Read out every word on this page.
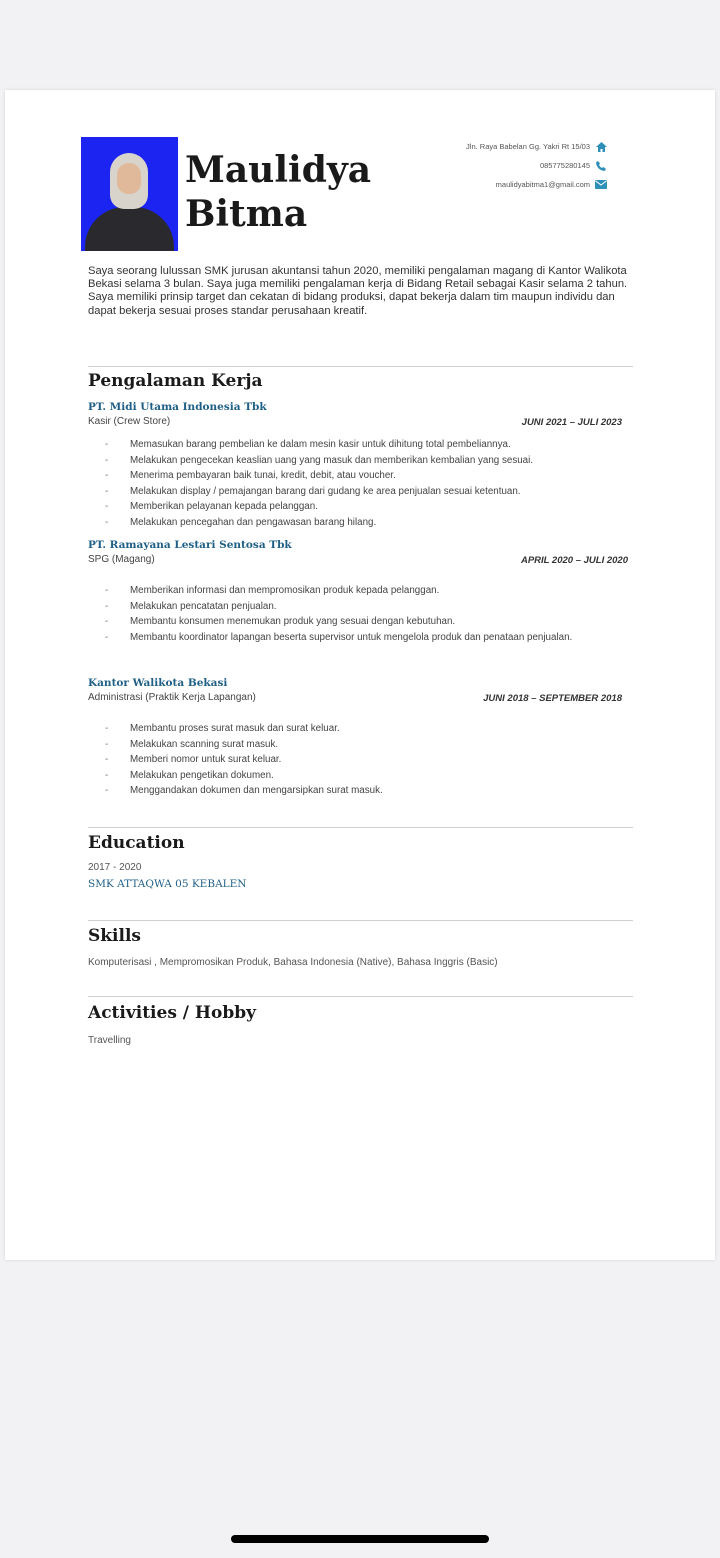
Maulidya
Bitma
Jln. Raya Babelan Gg. Yakri Rt 15/03
085775280145
maulidyabitma1@gmail.com

Saya seorang lulussan SMK jurusan akuntansi tahun 2020, memiliki pengalaman magang di Kantor Walikota Bekasi selama 3 bulan. Saya juga memiliki pengalaman kerja di Bidang Retail sebagai Kasir selama 2 tahun. Saya memiliki prinsip target dan cekatan di bidang produksi, dapat bekerja dalam tim maupun individu dan dapat bekerja sesuai proses standar perusahaan kreatif.

Pengalaman Kerja
PT. Midi Utama Indonesia Tbk
Kasir (Crew Store)	JUNI 2021 – JULI 2023
- Memasukan barang pembelian ke dalam mesin kasir untuk dihitung total pembeliannya.
- Melakukan pengecekan keaslian uang yang masuk dan memberikan kembalian yang sesuai.
- Menerima pembayaran baik tunai, kredit, debit, atau voucher.
- Melakukan display / pemajangan barang dari gudang ke area penjualan sesuai ketentuan.
- Memberikan pelayanan kepada pelanggan.
- Melakukan pencegahan dan pengawasan barang hilang.
PT. Ramayana Lestari Sentosa Tbk
SPG (Magang)	APRIL 2020 – JULI 2020
- Memberikan informasi dan mempromosikan produk kepada pelanggan.
- Melakukan pencatatan penjualan.
- Membantu konsumen menemukan produk yang sesuai dengan kebutuhan.
- Membantu koordinator lapangan beserta supervisor untuk mengelola produk dan penataan penjualan.
Kantor Walikota Bekasi
Administrasi (Praktik Kerja Lapangan)	JUNI 2018 – SEPTEMBER 2018
- Membantu proses surat masuk dan surat keluar.
- Melakukan scanning surat masuk.
- Memberi nomor untuk surat keluar.
- Melakukan pengetikan dokumen.
- Menggandakan dokumen dan mengarsipkan surat masuk.
Education
2017 - 2020
SMK ATTAQWA 05 KEBALEN
Skills
Komputerisasi , Mempromosikan Produk, Bahasa Indonesia (Native), Bahasa Inggris (Basic)
Activities / Hobby
Travelling
